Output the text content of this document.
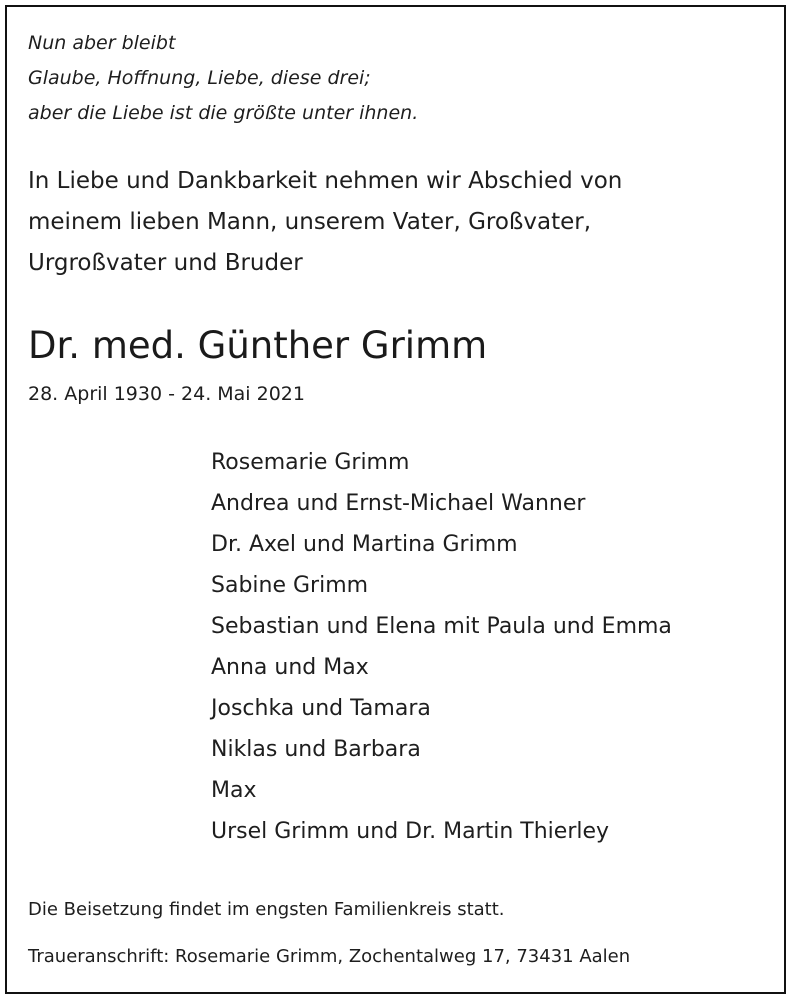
Nun aber bleibt
Glaube, Hoffnung, Liebe, diese drei;
aber die Liebe ist die größte unter ihnen.
In Liebe und Dankbarkeit nehmen wir Abschied von
meinem lieben Mann, unserem Vater, Großvater,
Urgroßvater und Bruder
Dr. med. Günther Grimm
28. April 1930 - 24. Mai 2021
Rosemarie Grimm
Andrea und Ernst-Michael Wanner
Dr. Axel und Martina Grimm
Sabine Grimm
Sebastian und Elena mit Paula und Emma
Anna und Max
Joschka und Tamara
Niklas und Barbara
Max
Ursel Grimm und Dr. Martin Thierley
Die Beisetzung findet im engsten Familienkreis statt.
Traueranschrift: Rosemarie Grimm, Zochentalweg 17, 73431 Aalen
